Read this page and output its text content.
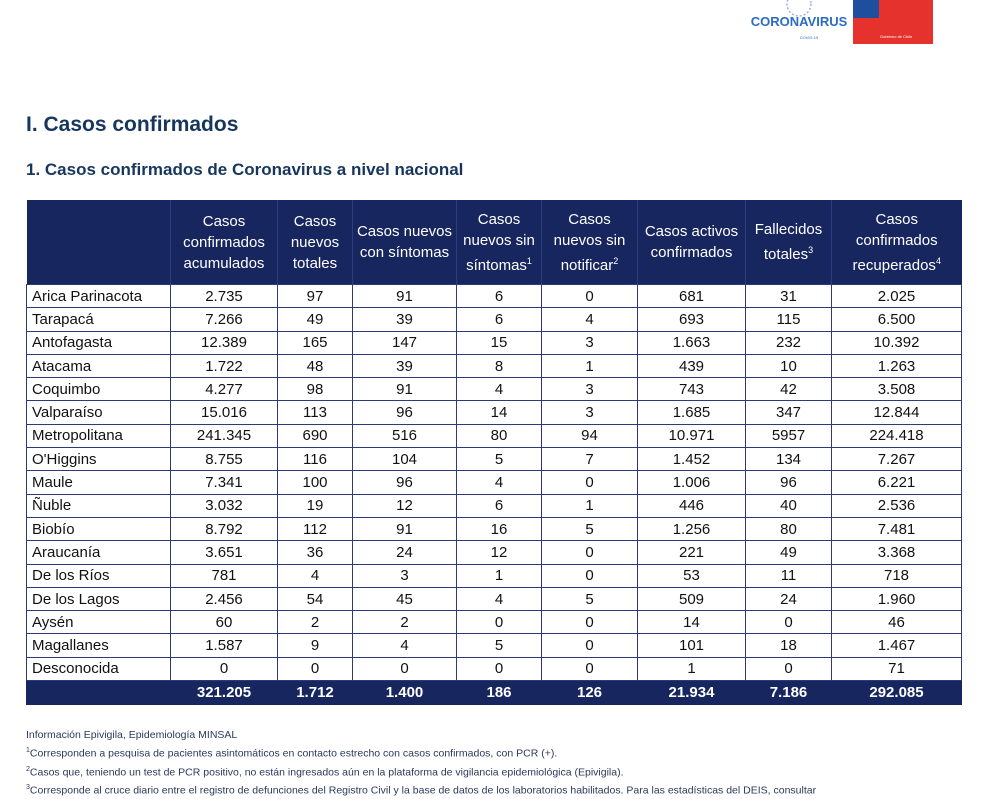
CORONAVIRUS
COVID-19	Gobierno de Chile
I. Casos confirmados
1. Casos confirmados de Coronavirus a nivel nacional
	Casos confirmados acumulados	Casos nuevos totales	Casos nuevos con síntomas	Casos nuevos sin síntomas$^1$	Casos nuevos sin notificar$^2$	Casos activos confirmados	Fallecidos totales$^3$	Casos confirmados recuperados$^4$
Arica Parinacota	2.735	97	91	6	0	681	31	2.025
Tarapacá	7.266	49	39	6	4	693	115	6.500
Antofagasta	12.389	165	147	15	3	1.663	232	10.392
Atacama	1.722	48	39	8	1	439	10	1.263
Coquimbo	4.277	98	91	4	3	743	42	3.508
Valparaíso	15.016	113	96	14	3	1.685	347	12.844
Metropolitana	241.345	690	516	80	94	10.971	5957	224.418
O'Higgins	8.755	116	104	5	7	1.452	134	7.267
Maule	7.341	100	96	4	0	1.006	96	6.221
Ñuble	3.032	19	12	6	1	446	40	2.536
Biobío	8.792	112	91	16	5	1.256	80	7.481
Araucanía	3.651	36	24	12	0	221	49	3.368
De los Ríos	781	4	3	1	0	53	11	718
De los Lagos	2.456	54	45	4	5	509	24	1.960
Aysén	60	2	2	0	0	14	0	46
Magallanes	1.587	9	4	5	0	101	18	1.467
Desconocida	0	0	0	0	0	1	0	71
	321.205	1.712	1.400	186	126	21.934	7.186	292.085

Información Epivigila, Epidemiología MINSAL

$^1$Corresponden a pesquisa de pacientes asintomáticos en contacto estrecho con casos confirmados, con PCR (+).

$^2$Casos que, teniendo un test de PCR positivo, no están ingresados aún en la plataforma de vigilancia epidemiológica (Epivigila).

$^3$Corresponde al cruce diario entre el registro de defunciones del Registro Civil y la base de datos de los laboratorios habilitados. Para las estadísticas del DEIS, consultar
